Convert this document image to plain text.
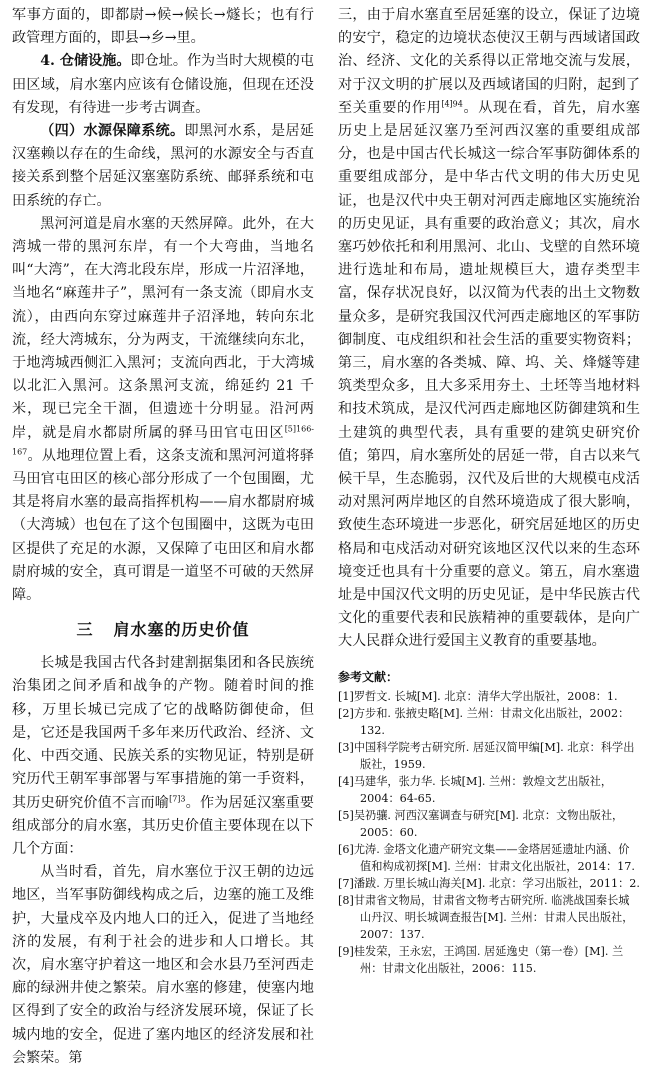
军事方面的，即都尉→候→候长→燧长；也有行政管理方面的，即县→乡→里。

4. 仓储设施。即仓址。作为当时大规模的屯田区域，肩水塞内应该有仓储设施，但现在还没有发现，有待进一步考古调查。

（四）水源保障系统。即黑河水系，是居延汉塞赖以存在的生命线，黑河的水源安全与否直接关系到整个居延汉塞塞防系统、邮驿系统和屯田系统的存亡。

黑河河道是肩水塞的天然屏障。此外，在大湾城一带的黑河东岸，有一个大弯曲，当地名叫“大湾”，在大湾北段东岸，形成一片沼泽地，当地名“麻莲井子”，黑河有一条支流（即肩水支流），由西向东穿过麻莲井子沼泽地，转向东北流，经大湾城东，分为两支，干流继续向东北，于地湾城西侧汇入黑河；支流向西北，于大湾城以北汇入黑河。这条黑河支流，绵延约 21 千米，现已完全干涸，但遗迹十分明显。沿河两岸，就是肩水都尉所属的驿马田官屯田区$^{[5]166-167}$。从地理位置上看，这条支流和黑河河道将驿马田官屯田区的核心部分形成了一个包围圈，尤其是将肩水塞的最高指挥机构——肩水都尉府城（大湾城）也包在了这个包围圈中，这既为屯田区提供了充足的水源，又保障了屯田区和肩水都尉府城的安全，真可谓是一道坚不可破的天然屏障。

三 肩水塞的历史价值

长城是我国古代各封建割据集团和各民族统治集团之间矛盾和战争的产物。随着时间的推移，万里长城已完成了它的战略防御使命，但是，它还是我国两千多年来历代政治、经济、文化、中西交通、民族关系的实物见证，特别是研究历代王朝军事部署与军事措施的第一手资料，其历史研究价值不言而喻$^{[7]3}$。作为居延汉塞重要组成部分的肩水塞，其历史价值主要体现在以下几个方面：

从当时看，首先，肩水塞位于汉王朝的边远地区，当军事防御线构成之后，边塞的施工及维护，大量戍卒及内地人口的迁入，促进了当地经济的发展，有利于社会的进步和人口增长。其次，肩水塞守护着这一地区和会水县乃至河西走廊的绿洲井使之繁荣。肩水塞的修建，使塞内地区得到了安全的政治与经济发展环境，保证了长城内地的安全，促进了塞内地区的经济发展和社会繁荣。第

三，由于肩水塞直至居延塞的设立，保证了边境的安宁，稳定的边境状态使汉王朝与西域诸国政治、经济、文化的关系得以正常地交流与发展，对于汉文明的扩展以及西域诸国的归附，起到了至关重要的作用$^{[4]94}$。从现在看，首先，肩水塞历史上是居延汉塞乃至河西汉塞的重要组成部分，也是中国古代长城这一综合军事防御体系的重要组成部分，是中华古代文明的伟大历史见证，也是汉代中央王朝对河西走廊地区实施统治的历史见证，具有重要的政治意义；其次，肩水塞巧妙依托和利用黑河、北山、戈壁的自然环境进行选址和布局，遗址规模巨大，遗存类型丰富，保存状况良好，以汉简为代表的出土文物数量众多，是研究我国汉代河西走廊地区的军事防御制度、屯戍组织和社会生活的重要实物资料；第三，肩水塞的各类城、障、坞、关、烽燧等建筑类型众多，且大多采用夯土、土坯等当地材料和技术筑成，是汉代河西走廊地区防御建筑和生土建筑的典型代表，具有重要的建筑史研究价值；第四，肩水塞所处的居延一带，自古以来气候干旱，生态脆弱，汉代及后世的大规模屯戍活动对黑河两岸地区的自然环境造成了很大影响，致使生态环境进一步恶化，研究居延地区的历史格局和屯戍活动对研究该地区汉代以来的生态环境变迁也具有十分重要的意义。第五，肩水塞遗址是中国汉代文明的历史见证，是中华民族古代文化的重要代表和民族精神的重要载体，是向广大人民群众进行爱国主义教育的重要基地。

参考文献：
[1]罗哲文. 长城[M]. 北京：清华大学出版社，2008：1.
[2]方步和. 张掖史略[M]. 兰州：甘肃文化出版社，2002：132.
[3]中国科学院考古研究所. 居延汉简甲编[M]. 北京：科学出版社，1959.
[4]马建华，张力华. 长城[M]. 兰州：敦煌文艺出版社，2004：64-65.
[5]吴礽骧. 河西汉塞调查与研究[M]. 北京：文物出版社，2005：60.
[6]尤涛. 金塔文化遗产研究文集——金塔居延遗址内涵、价值和构成初探[M]. 兰州：甘肃文化出版社，2014：17.
[7]潘跋. 万里长城山海关[M]. 北京：学习出版社，2011：2.
[8]甘肃省文物局，甘肃省文物考古研究所. 临洮战国秦长城山丹汉、明长城调查报告[M]. 兰州：甘肃人民出版社，2007：137.
[9]桂发荣，王永宏，王鸿国. 居延逸史（第一卷）[M]. 兰州：甘肃文化出版社，2006：115.
